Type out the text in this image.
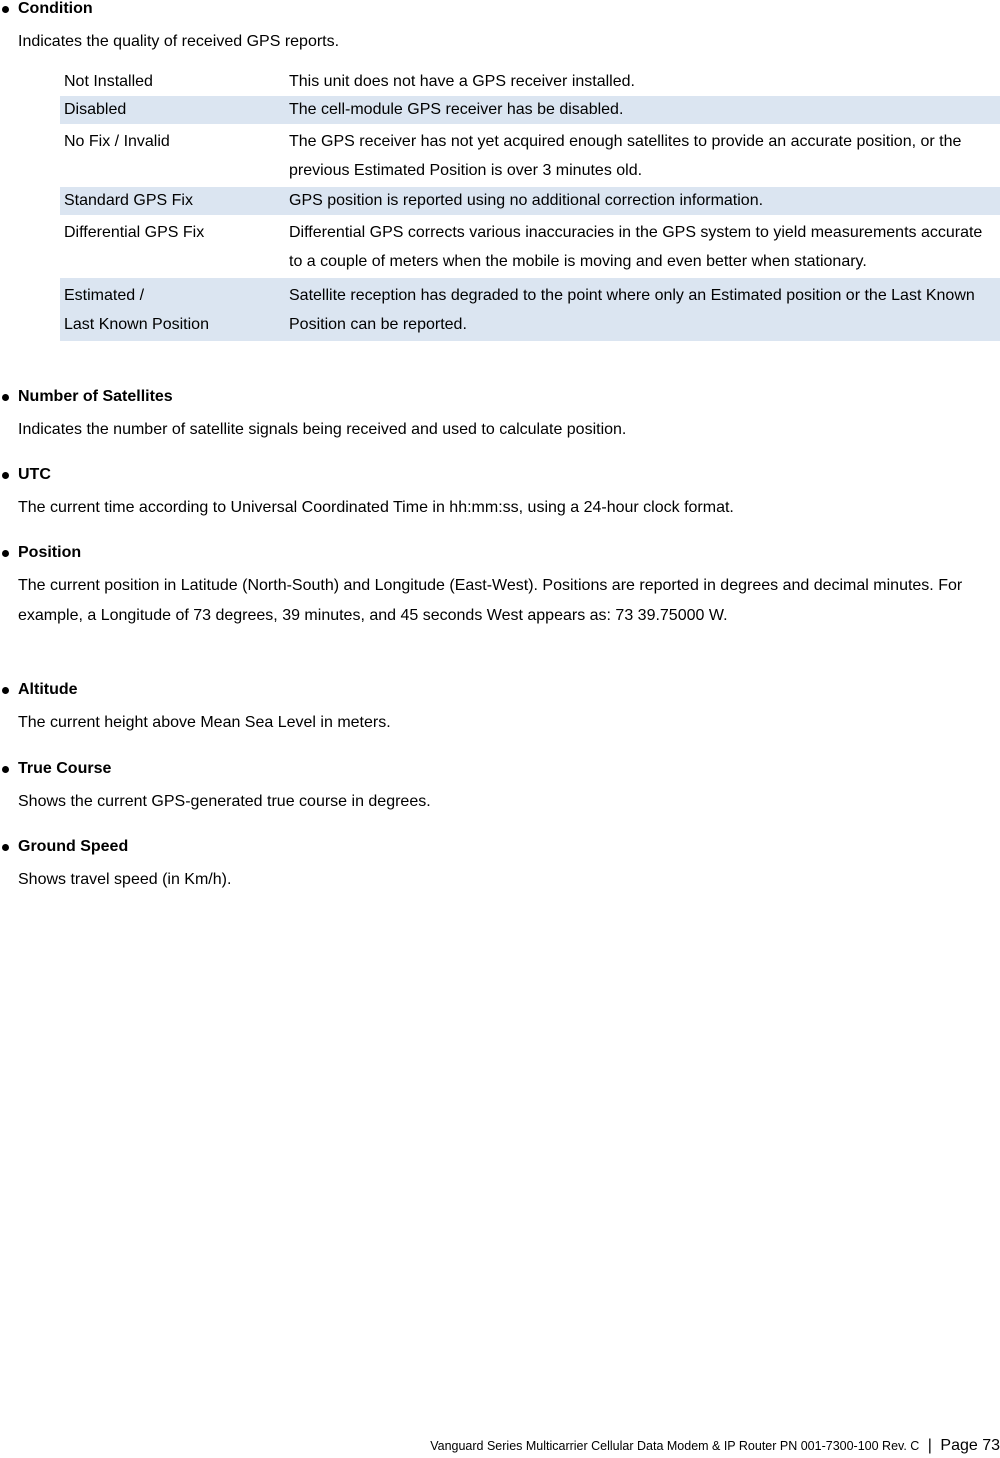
Condition
Indicates the quality of received GPS reports.
Not Installed	This unit does not have a GPS receiver installed.
Disabled	The cell-module GPS receiver has be disabled.
No Fix / Invalid	The GPS receiver has not yet acquired enough satellites to provide an accurate position, or the previous Estimated Position is over 3 minutes old.
Standard GPS Fix	GPS position is reported using no additional correction information.
Differential GPS Fix	Differential GPS corrects various inaccuracies in the GPS system to yield measurements accurate to a couple of meters when the mobile is moving and even better when stationary.

Estimated /
Last Known Position	Satellite reception has degraded to the point where only an Estimated position or the Last Known Position can be reported.
Number of Satellites
Indicates the number of satellite signals being received and used to calculate position.
UTC
The current time according to Universal Coordinated Time in hh:mm:ss, using a 24-hour clock format.
Position
The current position in Latitude (North-South) and Longitude (East-West). Positions are reported in degrees and decimal minutes. For example, a Longitude of 73 degrees, 39 minutes, and 45 seconds West appears as: 73 39.75000 W.
Altitude
The current height above Mean Sea Level in meters.
True Course
Shows the current GPS-generated true course in degrees.
Ground Speed
Shows travel speed (in Km/h).
Vanguard Series Multicarrier Cellular Data Modem & IP Router PN 001-7300-100 Rev. C | Page 73
